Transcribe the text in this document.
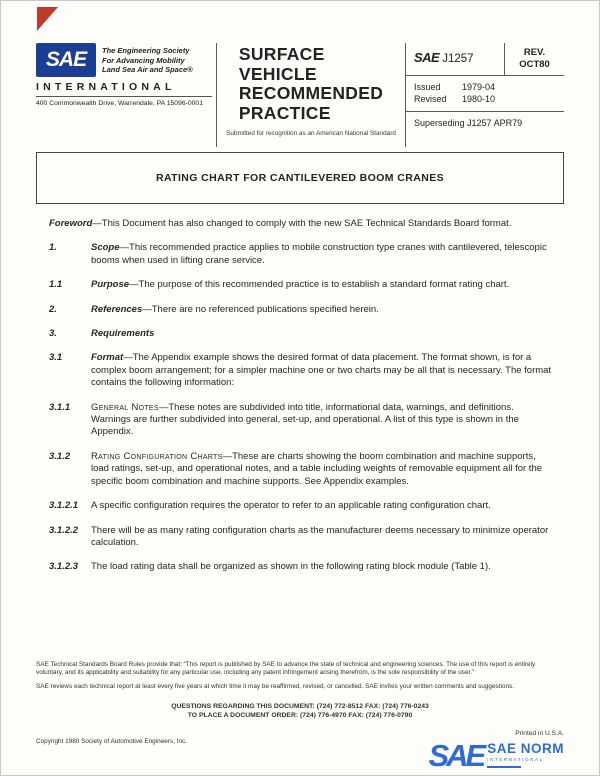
SAE The Engineering Society
For Advancing Mobility
Land Sea Air and Space®
INTERNATIONAL
400 Commonwealth Drive, Warrendale, PA 15096-0001
SURFACE
VEHICLE
RECOMMENDED
PRACTICE
Submitted for recognition as an American National Standard
SAE J1257
REV.
OCT80
Issued	1979-04
Revised	1980-10
Superseding J1257 APR79
RATING CHART FOR CANTILEVERED BOOM CRANES
Foreword—This Document has also changed to comply with the new SAE Technical Standards Board format.
1.	Scope—This recommended practice applies to mobile construction type cranes with cantilevered, telescopic booms when used in lifting crane service.
1.1	Purpose—The purpose of this recommended practice is to establish a standard format rating chart.
2.	References—There are no referenced publications specified herein.
3.	Requirements
3.1	Format—The Appendix example shows the desired format of data placement. The format shown, is for a complex boom arrangement; for a simpler machine one or two charts may be all that is necessary. The format contains the following information:
3.1.1	General Notes—These notes are subdivided into title, informational data, warnings, and definitions. Warnings are further subdivided into general, set-up, and operational. A list of this type is shown in the Appendix.
3.1.2	Rating Configuration Charts—These are charts showing the boom combination and machine supports, load ratings, set-up, and operational notes, and a table including weights of removable equipment all for the specific boom combination and machine supports. See Appendix examples.
3.1.2.1	A specific configuration requires the operator to refer to an applicable rating configuration chart.
3.1.2.2	There will be as many rating configuration charts as the manufacturer deems necessary to minimize operator calculation.
3.1.2.3	The load rating data shall be organized as shown in the following rating block module (Table 1).
SAE Technical Standards Board Rules provide that: “This report is published by SAE to advance the state of technical and engineering sciences. The use of this report is entirely voluntary, and its applicability and suitability for any particular use, including any patent infringement arising therefrom, is the sole responsibility of the user.”
SAE reviews each technical report at least every five years at which time it may be reaffirmed, revised, or cancelled. SAE invites your written comments and suggestions.
QUESTIONS REGARDING THIS DOCUMENT: (724) 772-8512 FAX: (724) 776-0243
TO PLACE A DOCUMENT ORDER: (724) 776-4970 FAX: (724) 776-0790
Copyright 1980 Society of Automotive Engineers, Inc.
Printed in U.S.A.
SAE SAE NORM
INTERNATIONAL
